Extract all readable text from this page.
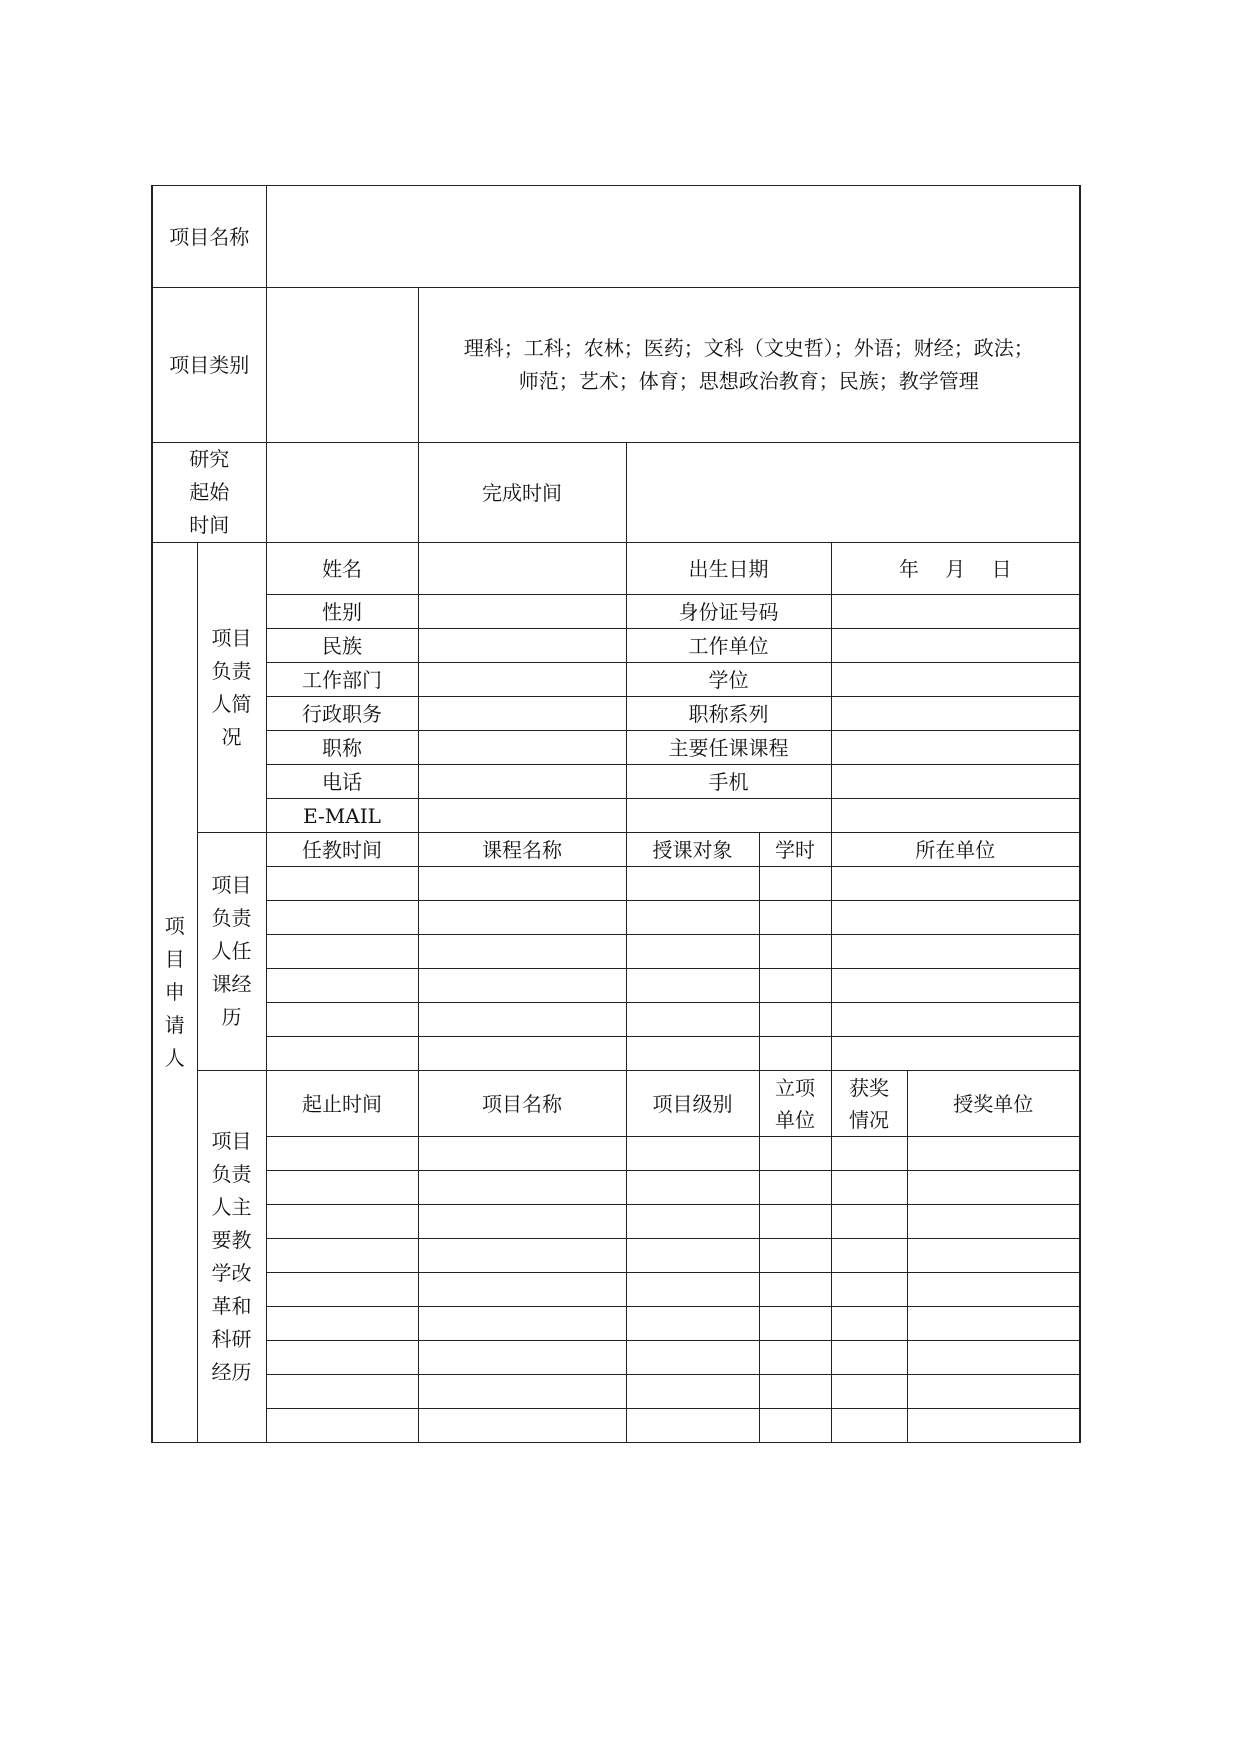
项目名称							
项目类别			理科；工科；农林；医药；文科（文史哲）；外语；财经；政法；
师范；艺术；体育；思想政治教育；民族；教学管理				

研究起始时间			完成时间				
项目申请人	项目负责人简况	姓名		出生日期		年　 月　 日	
		性别		身份证号码			
		民族		工作单位			
		工作部门		学位			
		行政职务		职称系列			
		职称		主要任课课程			
		电话		手机			
		E-MAIL					
	项目负责人任课经历	任教时间	课程名称	授课对象	学时	所在单位	

	项目负责人主要教学改革和科研经历	起止时间	项目名称	项目级别	立项单位	获奖情况	授奖单位
